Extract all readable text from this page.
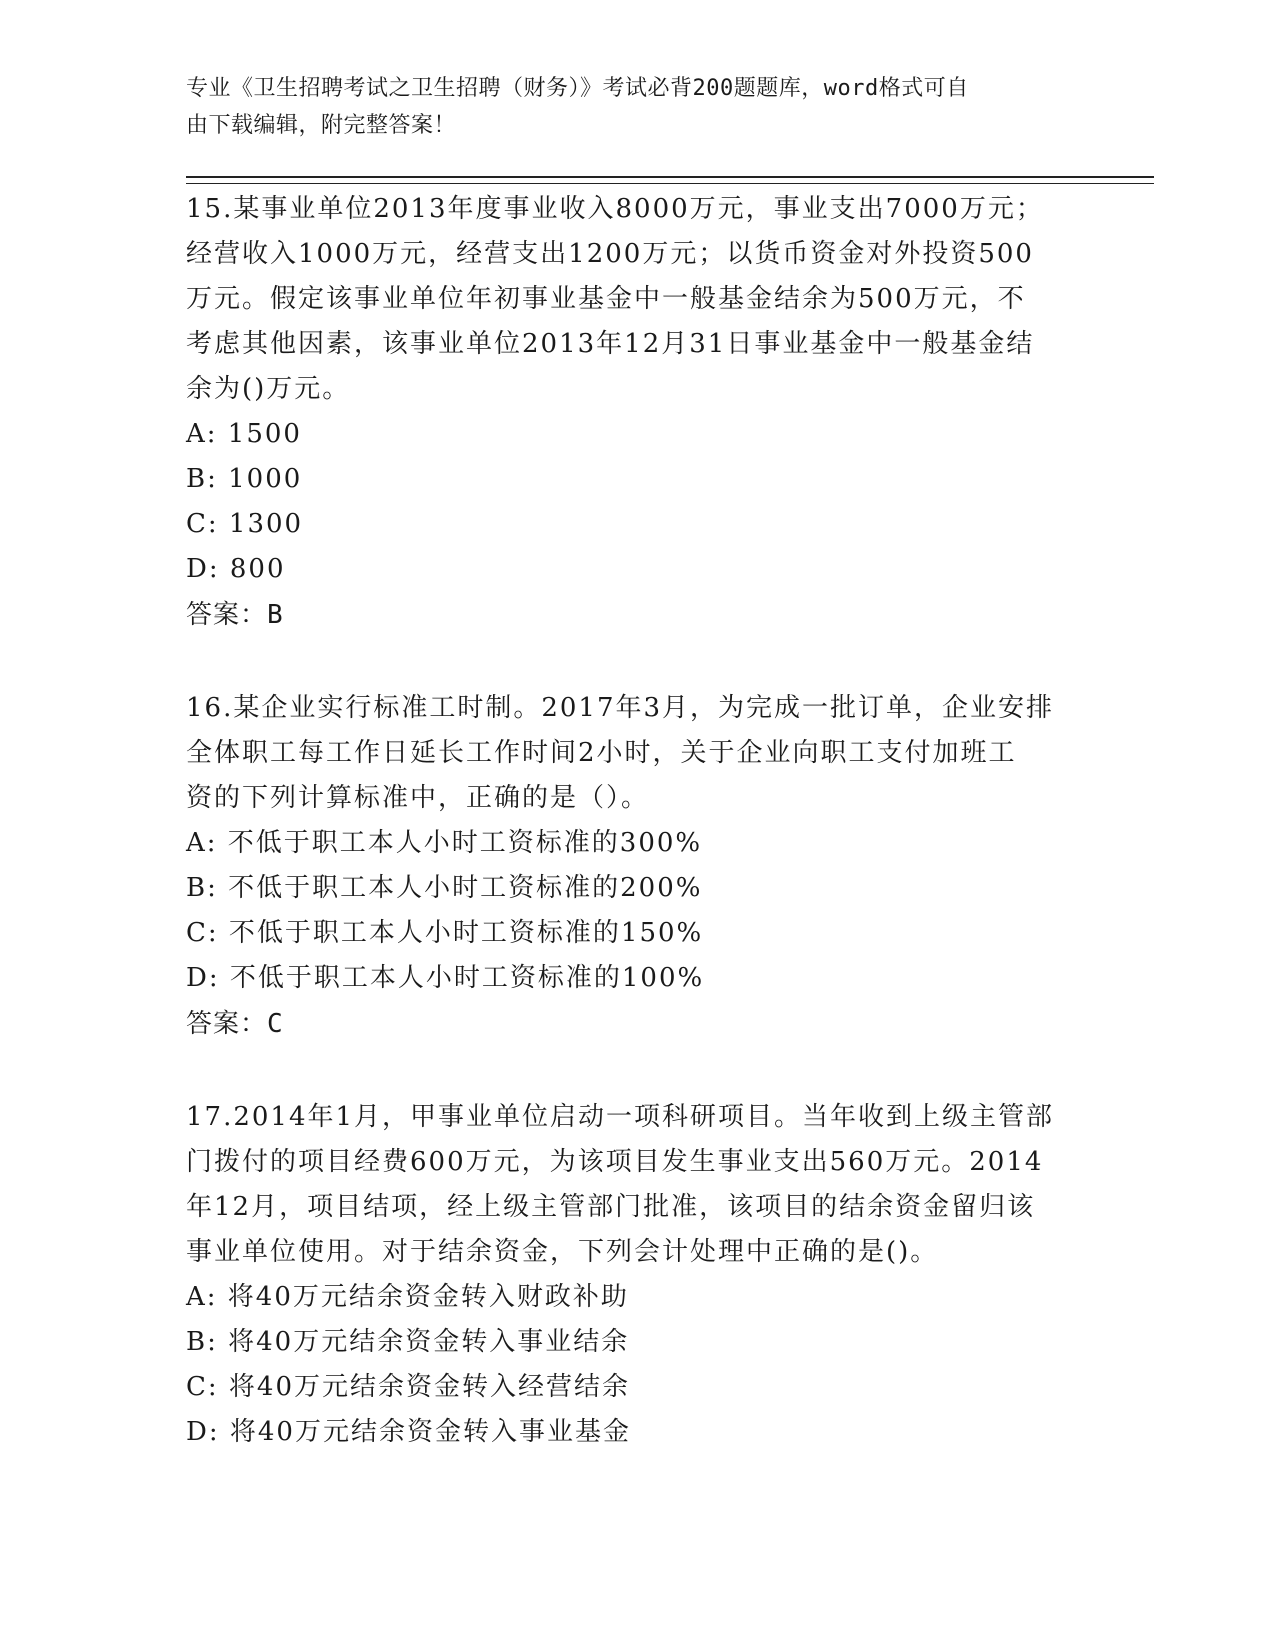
专业《卫生招聘考试之卫生招聘（财务）》考试必背200题题库，word格式可自
由下载编辑，附完整答案！

15.某事业单位2013年度事业收入8000万元，事业支出7000万元；

经营收入1000万元，经营支出1200万元；以货币资金对外投资500

万元。假定该事业单位年初事业基金中一般基金结余为500万元，不

考虑其他因素，该事业单位2013年12月31日事业基金中一般基金结

余为()万元。

A: 1500

B: 1000

C: 1300

D: 800

答案：B

16.某企业实行标准工时制。2017年3月，为完成一批订单，企业安排

全体职工每工作日延长工作时间2小时，关于企业向职工支付加班工

资的下列计算标准中，正确的是（）。

A: 不低于职工本人小时工资标准的300%

B: 不低于职工本人小时工资标准的200%

C: 不低于职工本人小时工资标准的150%

D: 不低于职工本人小时工资标准的100%

答案：C

17.2014年1月，甲事业单位启动一项科研项目。当年收到上级主管部

门拨付的项目经费600万元，为该项目发生事业支出560万元。2014

年12月，项目结项，经上级主管部门批准，该项目的结余资金留归该

事业单位使用。对于结余资金，下列会计处理中正确的是()。

A: 将40万元结余资金转入财政补助

B: 将40万元结余资金转入事业结余

C: 将40万元结余资金转入经营结余

D: 将40万元结余资金转入事业基金
